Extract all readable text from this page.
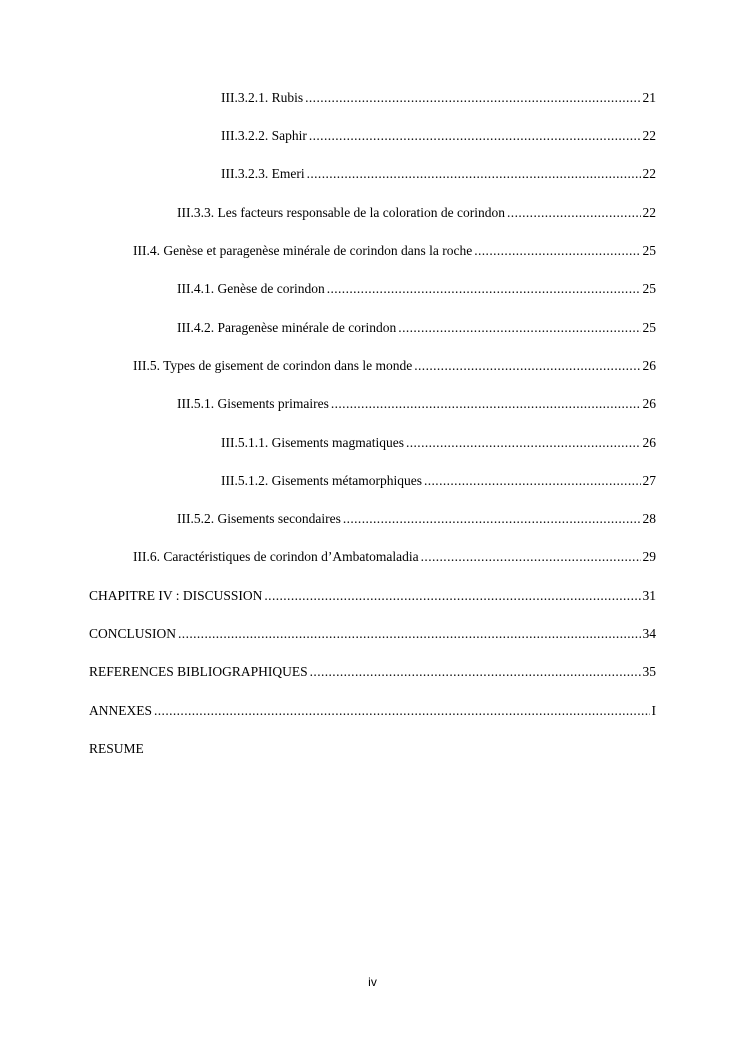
III.3.2.1. Rubis .....	21
III.3.2.2. Saphir .....	22
III.3.2.3. Emeri .....	22
III.3.3. Les facteurs responsable de la coloration de corindon .....	22
III.4. Genèse et paragenèse minérale de corindon dans la roche .....	25
III.4.1. Genèse de corindon .....	25
III.4.2. Paragenèse minérale de corindon .....	25
III.5. Types de gisement de corindon dans le monde .....	26
III.5.1. Gisements primaires .....	26
III.5.1.1. Gisements magmatiques .....	26
III.5.1.2. Gisements métamorphiques .....	27
III.5.2. Gisements secondaires .....	28
III.6. Caractéristiques de corindon d’Ambatomaladia .....	29
CHAPITRE IV : DISCUSSION .....	31
CONCLUSION .....	34
REFERENCES BIBLIOGRAPHIQUES .....	35
ANNEXES .....	I
RESUME
iv
